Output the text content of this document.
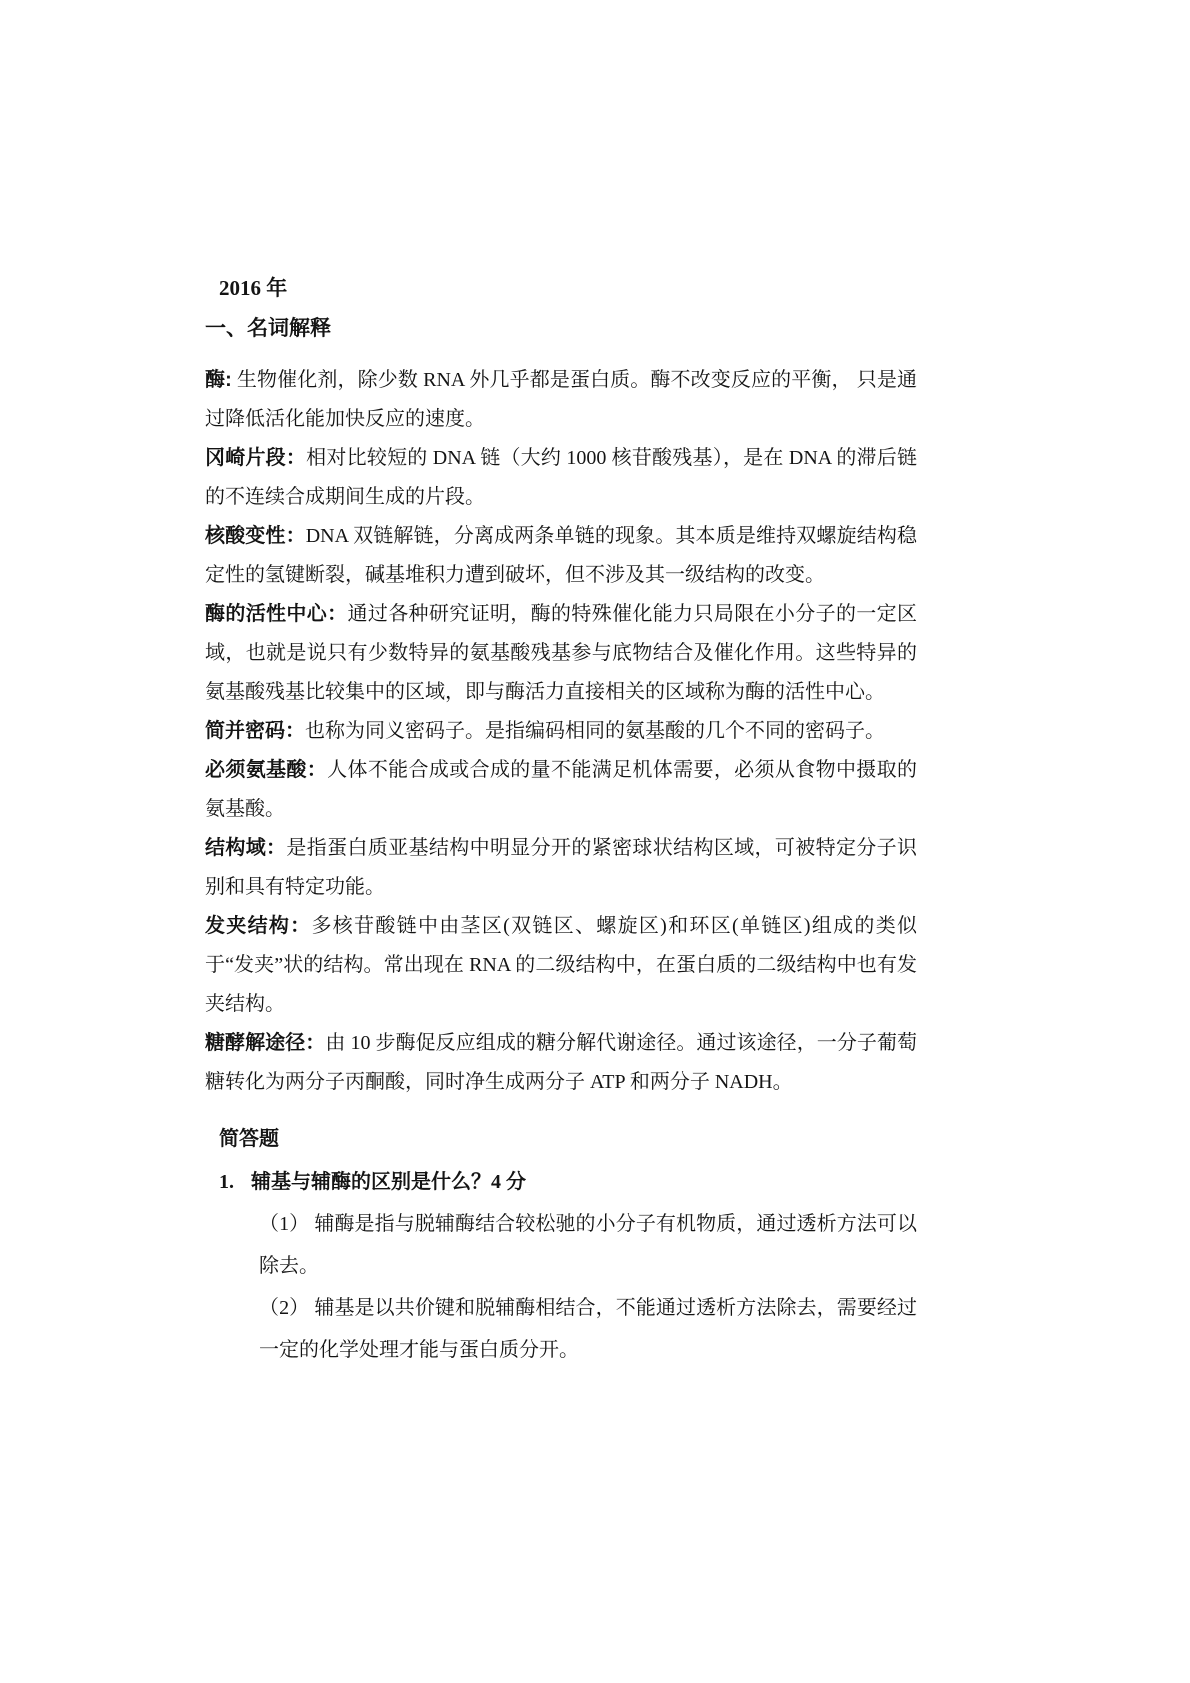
2016 年
一、名词解释

酶: 生物催化剂，除少数 RNA 外几乎都是蛋白质。酶不改变反应的平衡， 只是通过降低活化能加快反应的速度。

冈崎片段：相对比较短的 DNA 链（大约 1000 核苷酸残基），是在 DNA 的滞后链的不连续合成期间生成的片段。

核酸变性：DNA 双链解链，分离成两条单链的现象。其本质是维持双螺旋结构稳定性的氢键断裂，碱基堆积力遭到破坏，但不涉及其一级结构的改变。

酶的活性中心：通过各种研究证明，酶的特殊催化能力只局限在小分子的一定区域，也就是说只有少数特异的氨基酸残基参与底物结合及催化作用。这些特异的氨基酸残基比较集中的区域，即与酶活力直接相关的区域称为酶的活性中心。

简并密码：也称为同义密码子。是指编码相同的氨基酸的几个不同的密码子。

必须氨基酸：人体不能合成或合成的量不能满足机体需要，必须从食物中摄取的氨基酸。

结构域：是指蛋白质亚基结构中明显分开的紧密球状结构区域，可被特定分子识别和具有特定功能。

发夹结构：多核苷酸链中由茎区(双链区、螺旋区)和环区(单链区)组成的类似于“发夹”状的结构。常出现在 RNA 的二级结构中，在蛋白质的二级结构中也有发夹结构。

糖酵解途径：由 10 步酶促反应组成的糖分解代谢途径。通过该途径，一分子葡萄糖转化为两分子丙酮酸，同时净生成两分子 ATP 和两分子 NADH。

简答题

1. 辅基与辅酶的区别是什么？4 分

（1） 辅酶是指与脱辅酶结合较松驰的小分子有机物质，通过透析方法可以除去。

（2） 辅基是以共价键和脱辅酶相结合，不能通过透析方法除去，需要经过一定的化学处理才能与蛋白质分开。
